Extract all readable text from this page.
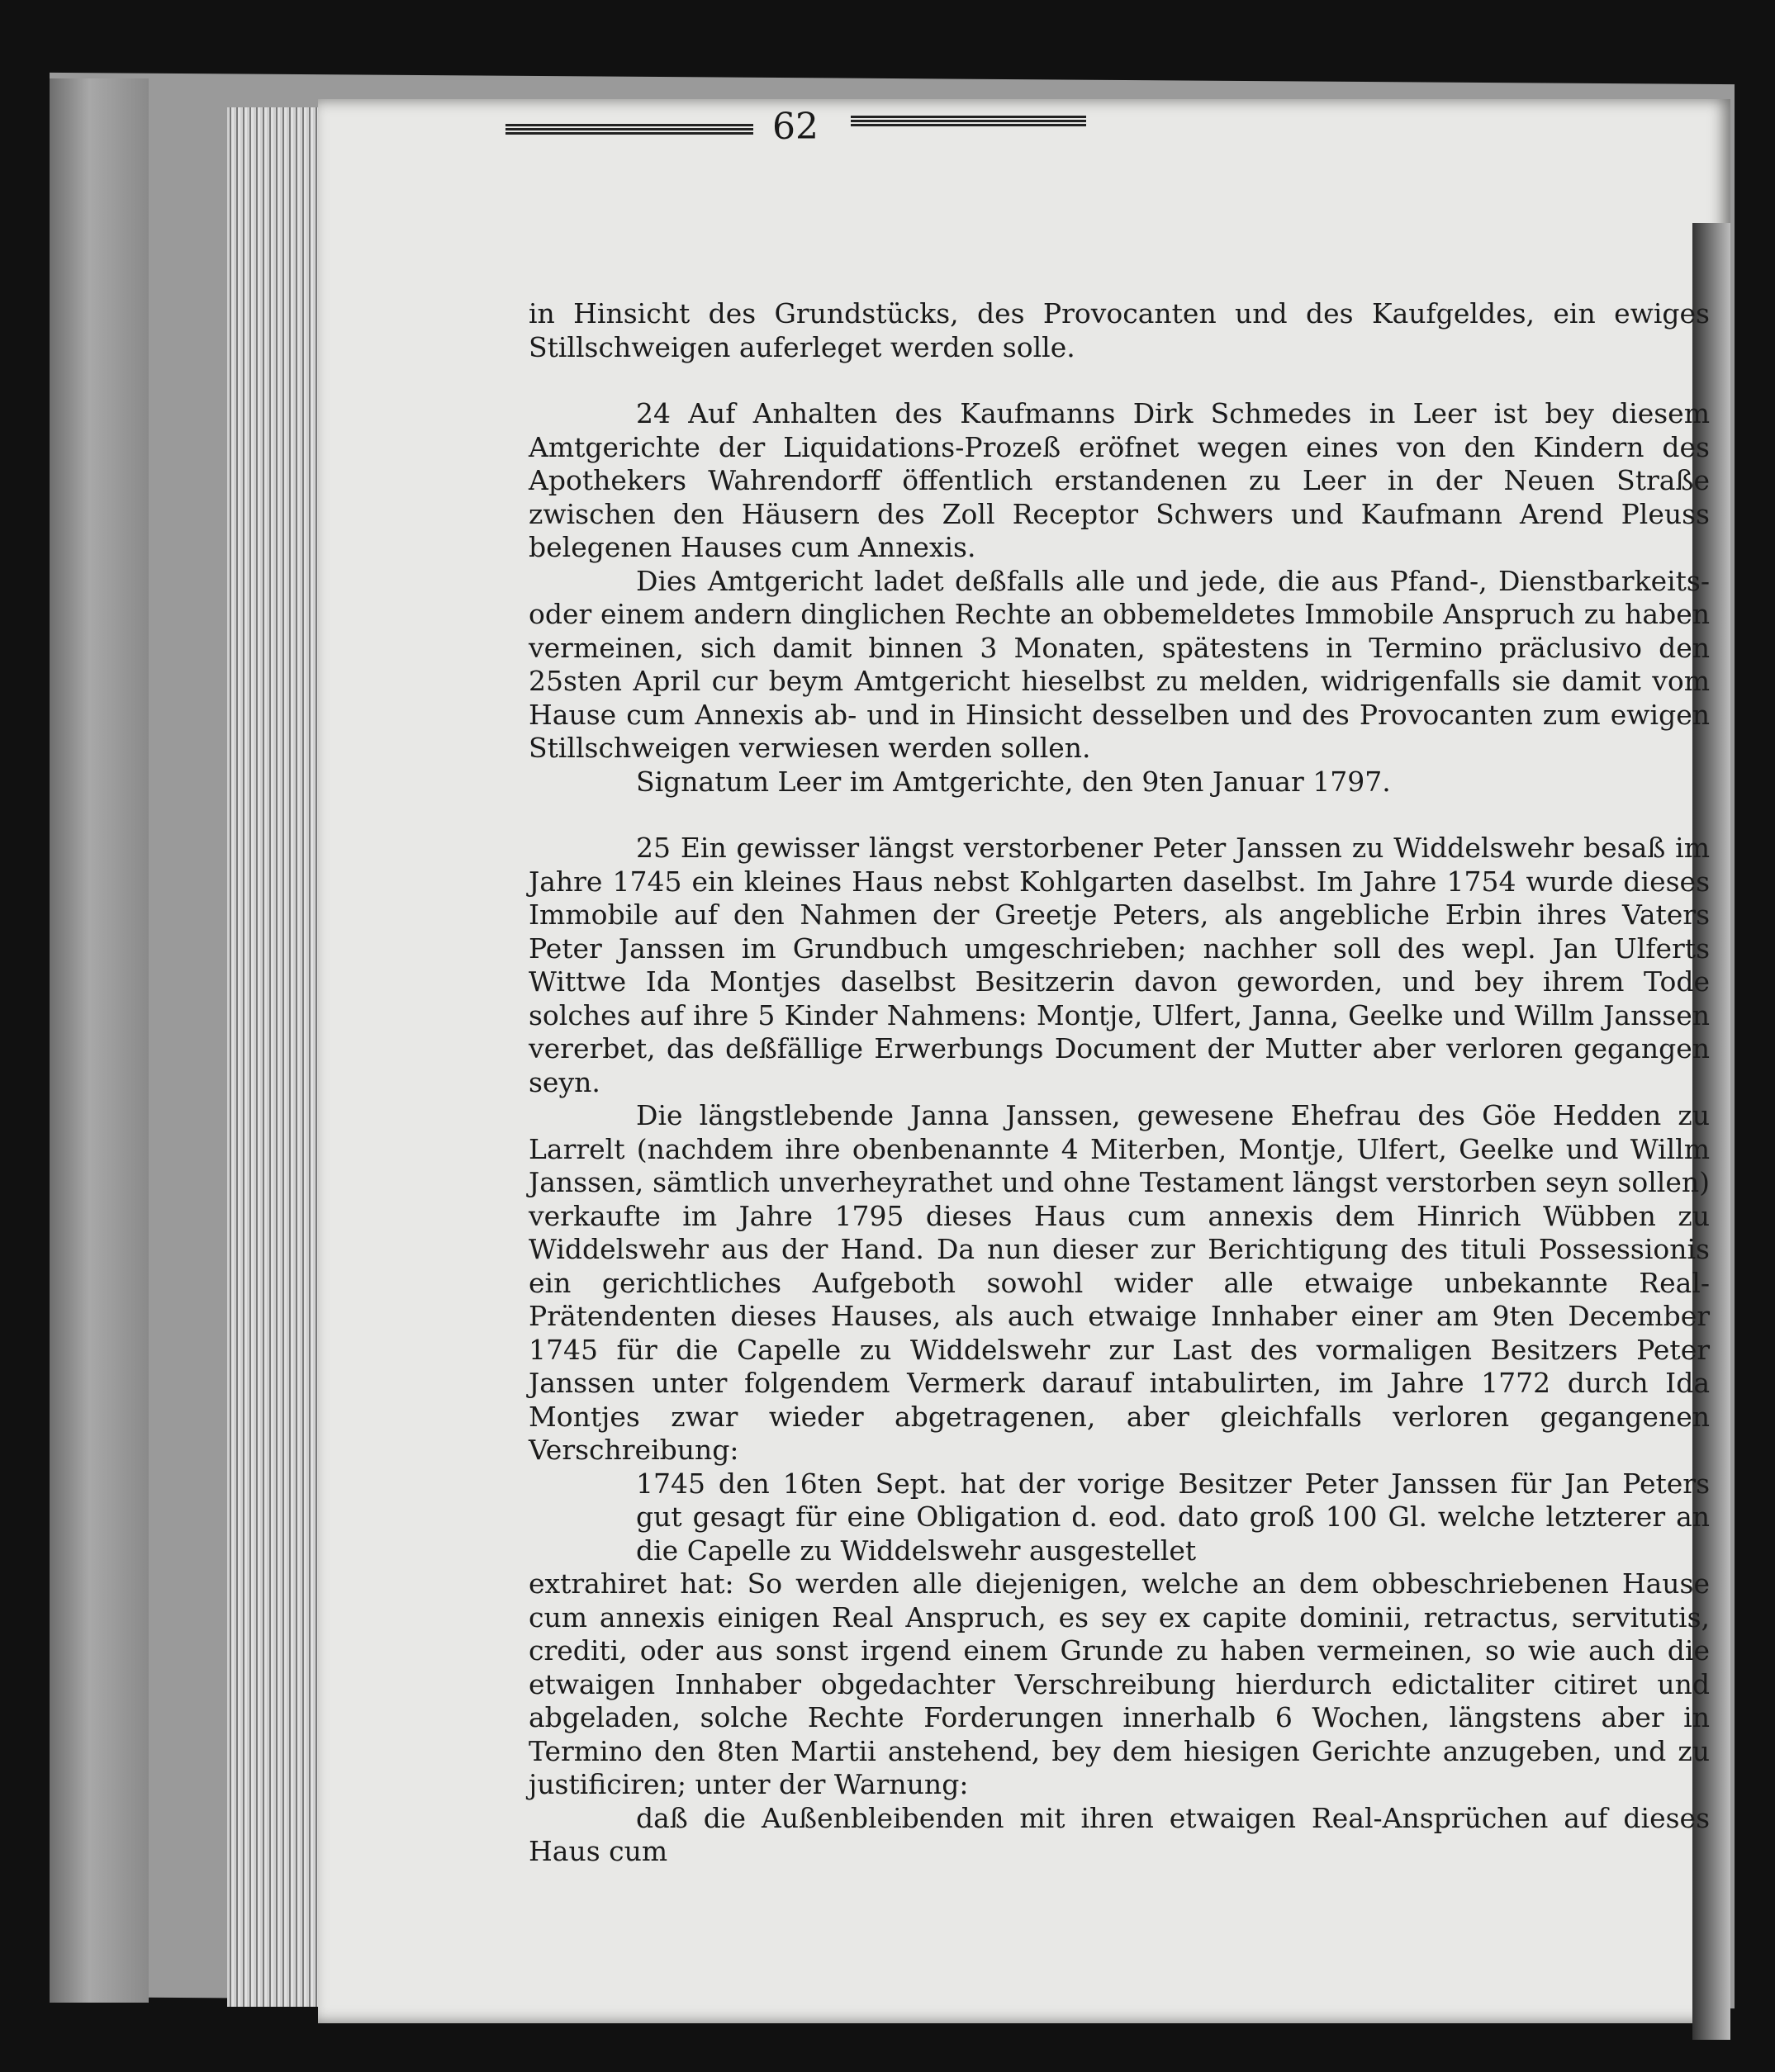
62

in Hinsicht des Grundstücks, des Provocanten und des Kaufgeldes, ein ewiges Stillschweigen auferleget werden solle.

24 Auf Anhalten des Kaufmanns Dirk Schmedes in Leer ist bey diesem Amtgerichte der Liquidations-Prozeß eröfnet wegen eines von den Kindern des Apothekers Wahrendorff öffentlich erstandenen zu Leer in der Neuen Straße zwischen den Häusern des Zoll Receptor Schwers und Kaufmann Arend Pleuss belegenen Hauses cum Annexis.

Dies Amtgericht ladet deßfalls alle und jede, die aus Pfand-, Dienstbarkeits-oder einem andern dinglichen Rechte an obbemeldetes Immobile Anspruch zu haben vermeinen, sich damit binnen 3 Monaten, spätestens in Termino präclusivo den 25sten April cur beym Amtgericht hieselbst zu melden, widrigenfalls sie damit vom Hause cum Annexis ab- und in Hinsicht desselben und des Provocanten zum ewigen Stillschweigen verwiesen werden sollen.

Signatum Leer im Amtgerichte, den 9ten Januar 1797.

25 Ein gewisser längst verstorbener Peter Janssen zu Widdelswehr besaß im Jahre 1745 ein kleines Haus nebst Kohlgarten daselbst. Im Jahre 1754 wurde dieses Immobile auf den Nahmen der Greetje Peters, als angebliche Erbin ihres Vaters Peter Janssen im Grundbuch umgeschrieben; nachher soll des wepl. Jan Ulferts Wittwe Ida Montjes daselbst Besitzerin davon geworden, und bey ihrem Tode solches auf ihre 5 Kinder Nahmens: Montje, Ulfert, Janna, Geelke und Willm Janssen vererbet, das deßfällige Erwerbungs Document der Mutter aber verloren gegangen seyn.

Die längstlebende Janna Janssen, gewesene Ehefrau des Göe Hedden zu Larrelt (nachdem ihre obenbenannte 4 Miterben, Montje, Ulfert, Geelke und Willm Janssen, sämtlich unverheyrathet und ohne Testament längst verstorben seyn sollen) verkaufte im Jahre 1795 dieses Haus cum annexis dem Hinrich Wübben zu Widdelswehr aus der Hand. Da nun dieser zur Berichtigung des tituli Possessionis ein gerichtliches Aufgeboth sowohl wider alle etwaige unbekannte Real-Prätendenten dieses Hauses, als auch etwaige Innhaber einer am 9ten December 1745 für die Capelle zu Widdelswehr zur Last des vormaligen Besitzers Peter Janssen unter folgendem Vermerk darauf intabulirten, im Jahre 1772 durch Ida Montjes zwar wieder abgetragenen, aber gleichfalls verloren gegangenen Verschreibung:

1745 den 16ten Sept. hat der vorige Besitzer Peter Janssen für Jan Peters gut gesagt für eine Obligation d. eod. dato groß 100 Gl. welche letzterer an die Capelle zu Widdelswehr ausgestellet

extrahiret hat: So werden alle diejenigen, welche an dem obbeschriebenen Hause cum annexis einigen Real Anspruch, es sey ex capite dominii, retractus, servitutis, crediti, oder aus sonst irgend einem Grunde zu haben vermeinen, so wie auch die etwaigen Innhaber obgedachter Verschreibung hierdurch edictaliter citiret und abgeladen, solche Rechte Forderungen innerhalb 6 Wochen, längstens aber in Termino den 8ten Martii anstehend, bey dem hiesigen Gerichte anzugeben, und zu justificiren; unter der Warnung:

daß die Außenbleibenden mit ihren etwaigen Real-Ansprüchen auf dieses Haus cum
